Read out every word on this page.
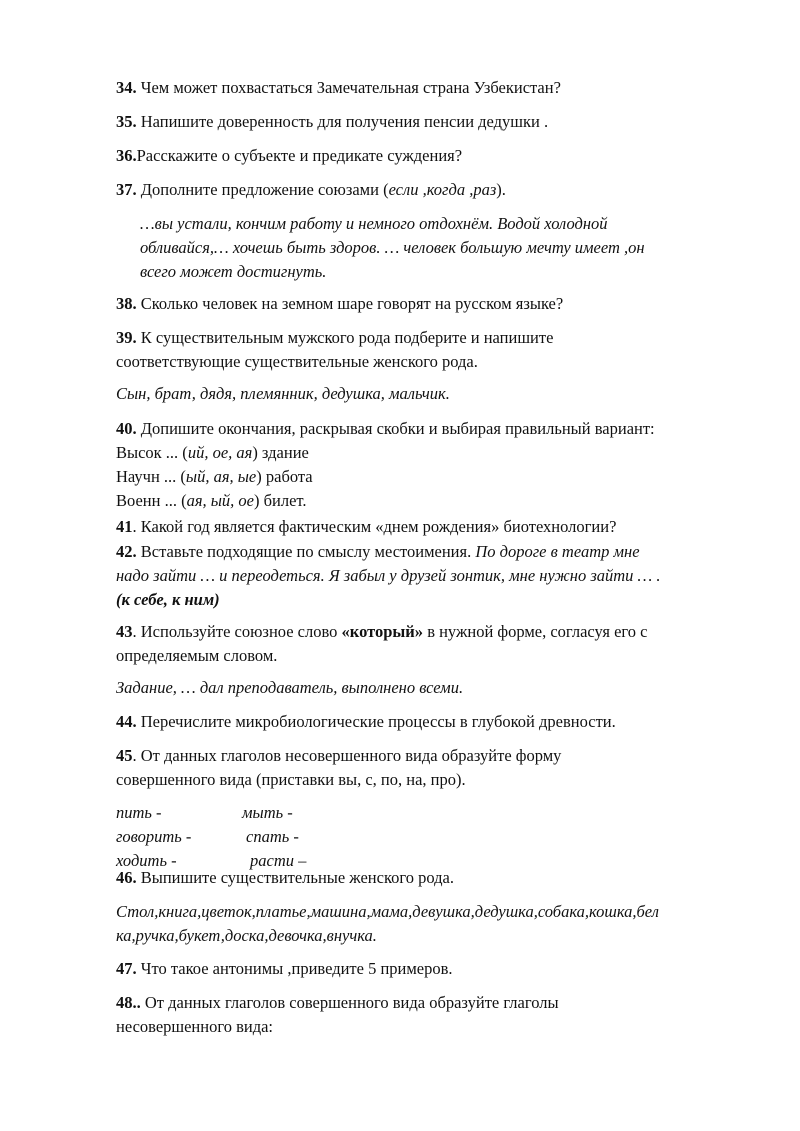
34. Чем может похвастаться Замечательная страна Узбекистан?
35. Напишите доверенность для получения пенсии дедушки .
36.Расскажите о субъекте и предикате суждения?
37. Дополните предложение союзами (если ,когда ,раз).
…вы устали, кончим работу и немного отдохнём. Водой холодной
обливайся,… хочешь быть здоров. … человек большую мечту имеет ,он
всего может достигнуть.
38. Сколько человек на земном шаре говорят на русском языке?
39. К существительным мужского рода подберите и напишите
соответствующие существительные женского рода.
Сын, брат, дядя, племянник, дедушка, мальчик.
40. Допишите окончания, раскрывая скобки и выбирая правильный вариант:
Высок ... (ий, ое, ая) здание
Научн ... (ый, ая, ые) работа
Военн ... (ая, ый, ое) билет.
41. Какой год является фактическим «днем рождения» биотехнологии?
42. Вставьте подходящие по смыслу местоимения. По дороге в театр мне
надо зайти … и переодеться. Я забыл у друзей зонтик, мне нужно зайти … .
(к себе, к ним)
43. Используйте союзное слово «который» в нужной форме, согласуя его с
определяемым словом.
Задание, … дал преподаватель, выполнено всеми.
44. Перечислите микробиологические процессы в глубокой древности.
45. От данных глаголов несовершенного вида образуйте форму
совершенного вида (приставки вы, с, по, на, про).
пить -	мыть -
говорить -	спать -
ходить -	расти –
46. Выпишите существительные женского рода.
Стол,книга,цветок,платье,машина,мама,девушка,дедушка,собака,кошка,бел
ка,ручка,букет,доска,девочка,внучка.
47. Что такое антонимы ,приведите 5 примеров.
48.. От данных глаголов совершенного вида образуйте глаголы
несовершенного вида:
